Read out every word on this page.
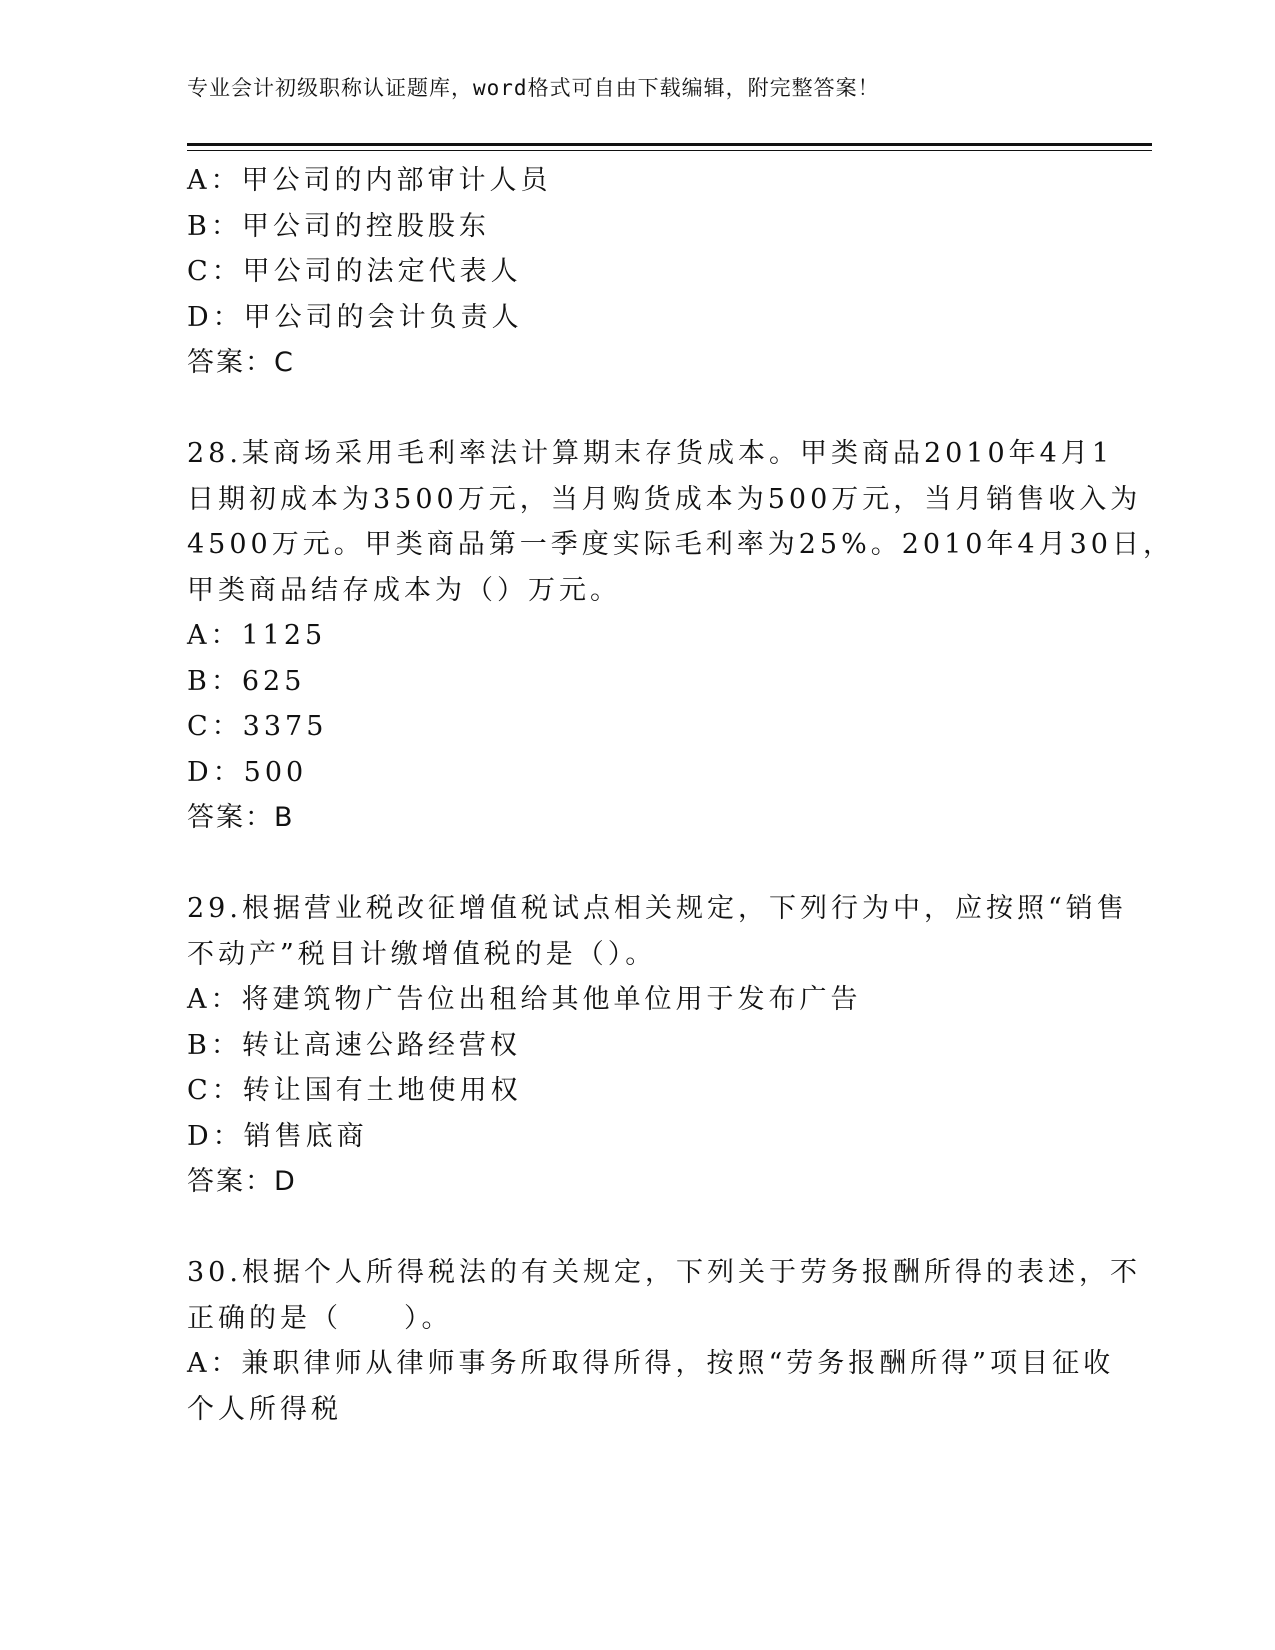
专业会计初级职称认证题库，word格式可自由下载编辑，附完整答案！
A：甲公司的内部审计人员
B：甲公司的控股股东
C：甲公司的法定代表人
D：甲公司的会计负责人
答案：C
28.某商场采用毛利率法计算期末存货成本。甲类商品2010年4月1
日期初成本为3500万元，当月购货成本为500万元，当月销售收入为
4500万元。甲类商品第一季度实际毛利率为25%。2010年4月30日，
甲类商品结存成本为（）万元。
A：1125
B：625
C：3375
D：500
答案：B
29.根据营业税改征增值税试点相关规定，下列行为中，应按照“销售
不动产”税目计缴增值税的是（）。
A：将建筑物广告位出租给其他单位用于发布广告
B：转让高速公路经营权
C：转让国有土地使用权
D：销售底商
答案：D
30.根据个人所得税法的有关规定，下列关于劳务报酬所得的表述，不
正确的是（　　）。
A：兼职律师从律师事务所取得所得，按照“劳务报酬所得”项目征收
个人所得税
